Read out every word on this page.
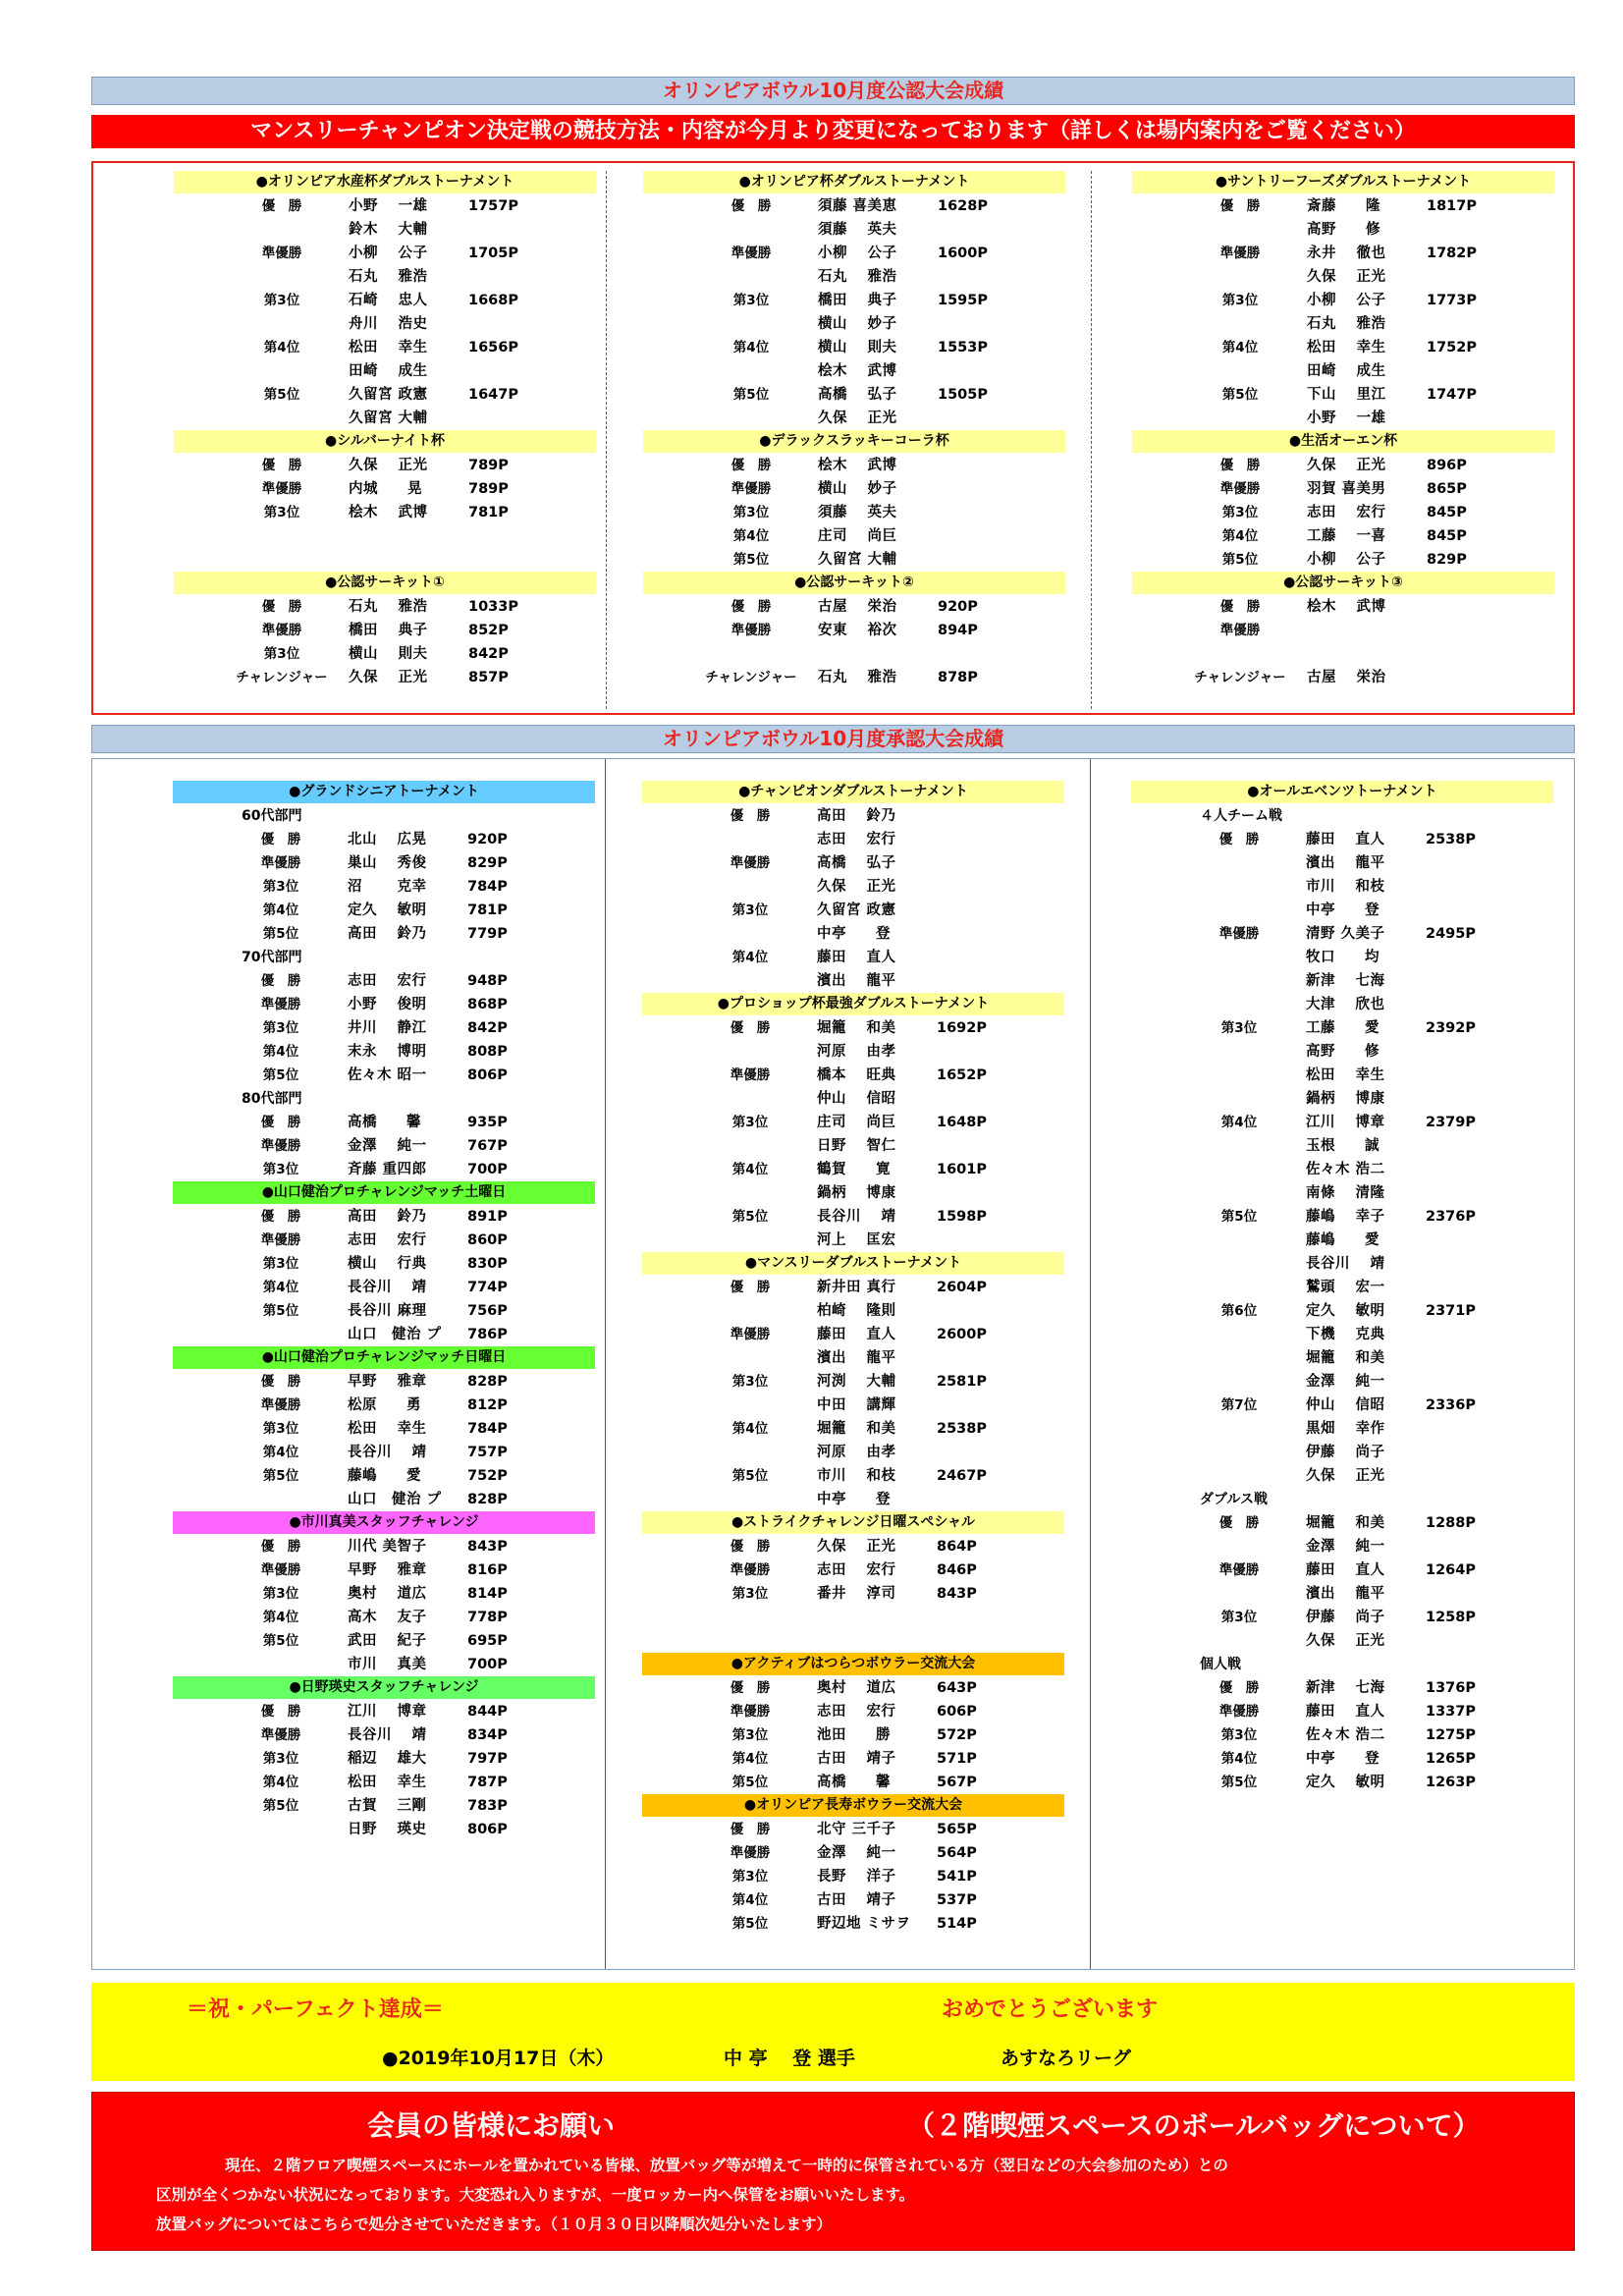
オリンピアボウル10月度公認大会成績
マンスリーチャンピオン決定戦の競技方法・内容が今月より変更になっております（詳しくは場内案内をご覧ください）
●オリンピア水産杯ダブルストーナメント
優　勝	小野　 一雄	1757P
鈴木　 大輔
準優勝	小柳　 公子	1705P
石丸　 雅浩
第3位	石崎　 忠人	1668P
舟川　 浩史
第4位	松田　 幸生	1656P
田崎　 成生
第5位	久留宮 政憲	1647P
久留宮 大輔
●シルバーナイト杯
優　勝	久保　 正光	789P
準優勝	内城　　晃	789P
第3位	桧木　 武博	781P
●公認サーキット①
優　勝	石丸　 雅浩	1033P
準優勝	橋田　 典子	852P
第3位	横山　 則夫	842P
チャレンジャー 久保　 正光	857P
●オリンピア杯ダブルストーナメント
優　勝	須藤 喜美恵	1628P
須藤　 英夫
準優勝	小柳　 公子	1600P
石丸　 雅浩
第3位	橋田　 典子	1595P
横山　 妙子
第4位	横山　 則夫	1553P
桧木　 武博
第5位	高橋　 弘子	1505P
久保　 正光
●デラックスラッキーコーラ杯
優　勝	桧木　 武博
準優勝	横山　 妙子
第3位	須藤　 英夫
第4位	庄司　 尚巨
第5位	久留宮 大輔
●公認サーキット②
優　勝	古屋　 栄治	920P
準優勝	安東　 裕次	894P
チャレンジャー 石丸　 雅浩	878P
●サントリーフーズダブルストーナメント
優　勝	斎藤　　隆	1817P
高野　　修
準優勝	永井　 徹也	1782P
久保　 正光
第3位	小柳　 公子	1773P
石丸　 雅浩
第4位	松田　 幸生	1752P
田崎　 成生
第5位	下山　 里江	1747P
小野　 一雄
●生活オーエン杯
優　勝	久保　 正光	896P
準優勝	羽賀 喜美男	865P
第3位	志田　 宏行	845P
第4位	工藤　 一喜	845P
第5位	小柳　 公子	829P
●公認サーキット③
優　勝	桧木　 武博
準優勝
チャレンジャー 古屋　 栄治
オリンピアボウル10月度承認大会成績
●グランドシニアトーナメント
60代部門
優　勝	北山　 広晃	920P
準優勝	巣山　 秀俊	829P
第3位	沼　　 克幸	784P
第4位	定久　 敏明	781P
第5位	高田　 鈴乃	779P
70代部門
優　勝	志田　 宏行	948P
準優勝	小野　 俊明	868P
第3位	井川　 静江	842P
第4位	末永　 博明	808P
第5位	佐々木 昭一	806P
80代部門
優　勝	高橋　　馨	935P
準優勝	金澤　 純一	767P
第3位	斉藤 重四郎	700P
●山口健治プロチャレンジマッチ土曜日
優　勝	高田　 鈴乃	891P
準優勝	志田　 宏行	860P
第3位	横山　 行典	830P
第4位	長谷川　 靖	774P
第5位	長谷川 麻理	756P
山口　健治 プ	786P
●山口健治プロチャレンジマッチ日曜日
優　勝	早野　 雅章	828P
準優勝	松原　　勇	812P
第3位	松田　 幸生	784P
第4位	長谷川　 靖	757P
第5位	藤嶋　　愛	752P
山口　健治 プ	828P
●市川真美スタッフチャレンジ
優　勝	川代 美智子	843P
準優勝	早野　 雅章	816P
第3位	奥村　 道広	814P
第4位	高木　 友子	778P
第5位	武田　 紀子	695P
市川　 真美	700P
●日野瑛史スタッフチャレンジ
優　勝	江川　 博章	844P
準優勝	長谷川　 靖	834P
第3位	稲辺　 雄大	797P
第4位	松田　 幸生	787P
第5位	古賀　 三剛	783P
日野　 瑛史	806P
●チャンピオンダブルストーナメント
優　勝	高田　 鈴乃
志田　 宏行
準優勝	高橋　 弘子
久保　 正光
第3位	久留宮 政憲
中亭　　登
第4位	藤田　 直人
濱出　 龍平
●プロショップ杯最強ダブルストーナメント
優　勝	堀籠　 和美	1692P
河原　 由孝
準優勝	橋本　 旺典	1652P
仲山　 信昭
第3位	庄司　 尚巨	1648P
日野　 智仁
第4位	鶴賀　　寛	1601P
鍋柄　 博康
第5位	長谷川　 靖	1598P
河上　 匡宏
●マンスリーダブルストーナメント
優　勝	新井田 真行	2604P
柏崎　 隆則
準優勝	藤田　 直人	2600P
濱出　 龍平
第3位	河渕　 大輔	2581P
中田　 講輝
第4位	堀籠　 和美	2538P
河原　 由孝
第5位	市川　 和枝	2467P
中亭　　登
●ストライクチャレンジ日曜スペシャル
優　勝	久保　 正光	864P
準優勝	志田　 宏行	846P
第3位	番井　 淳司	843P
●アクティブはつらつボウラー交流大会
優　勝	奥村　 道広	643P
準優勝	志田　 宏行	606P
第3位	池田　　勝	572P
第4位	古田　 靖子	571P
第5位	高橋　　馨	567P
●オリンピア長寿ボウラー交流大会
優　勝	北守 三千子	565P
準優勝	金澤　 純一	564P
第3位	長野　 洋子	541P
第4位	古田　 靖子	537P
第5位	野辺地 ミサヲ	514P
●オールエベンツトーナメント
４人チーム戦
優　勝	藤田　 直人	2538P
濱出　 龍平
市川　 和枝
中亭　　登
準優勝	清野 久美子	2495P
牧口　　均
新津　 七海
大津　 欣也
第3位	工藤　　愛	2392P
高野　　修
松田　 幸生
鍋柄　 博康
第4位	江川　 博章	2379P
玉根　　誠
佐々木 浩二
南條　 清隆
第5位	藤嶋　 幸子	2376P
藤嶋　　愛
長谷川　 靖
鷲頭　 宏一
第6位	定久　 敏明	2371P
下機　 克典
堀籠　 和美
金澤　 純一
第7位	仲山　 信昭	2336P
黒畑　 幸作
伊藤　 尚子
久保　 正光
ダブルス戦
優　勝	堀籠　 和美	1288P
金澤　 純一
準優勝	藤田　 直人	1264P
濱出　 龍平
第3位	伊藤　 尚子	1258P
久保　 正光
個人戦
優　勝	新津　 七海	1376P
準優勝	藤田　 直人	1337P
第3位	佐々木 浩二	1275P
第4位	中亭　　登	1265P
第5位	定久　 敏明	1263P
＝祝・パーフェクト達成＝	おめでとうございます
●2019年10月17日（木）	中 亭　 登 選手	あすなろリーグ
会員の皆様にお願い	（２階喫煙スペースのボールバッグについて）
現在、２階フロア喫煙スペースにホールを置かれている皆様、放置バッグ等が増えて一時的に保管されている方（翌日などの大会参加のため）との
区別が全くつかない状況になっております。大変恐れ入りますが、一度ロッカー内へ保管をお願いいたします。
放置バッグについてはこちらで処分させていただきます。（１０月３０日以降順次処分いたします）
